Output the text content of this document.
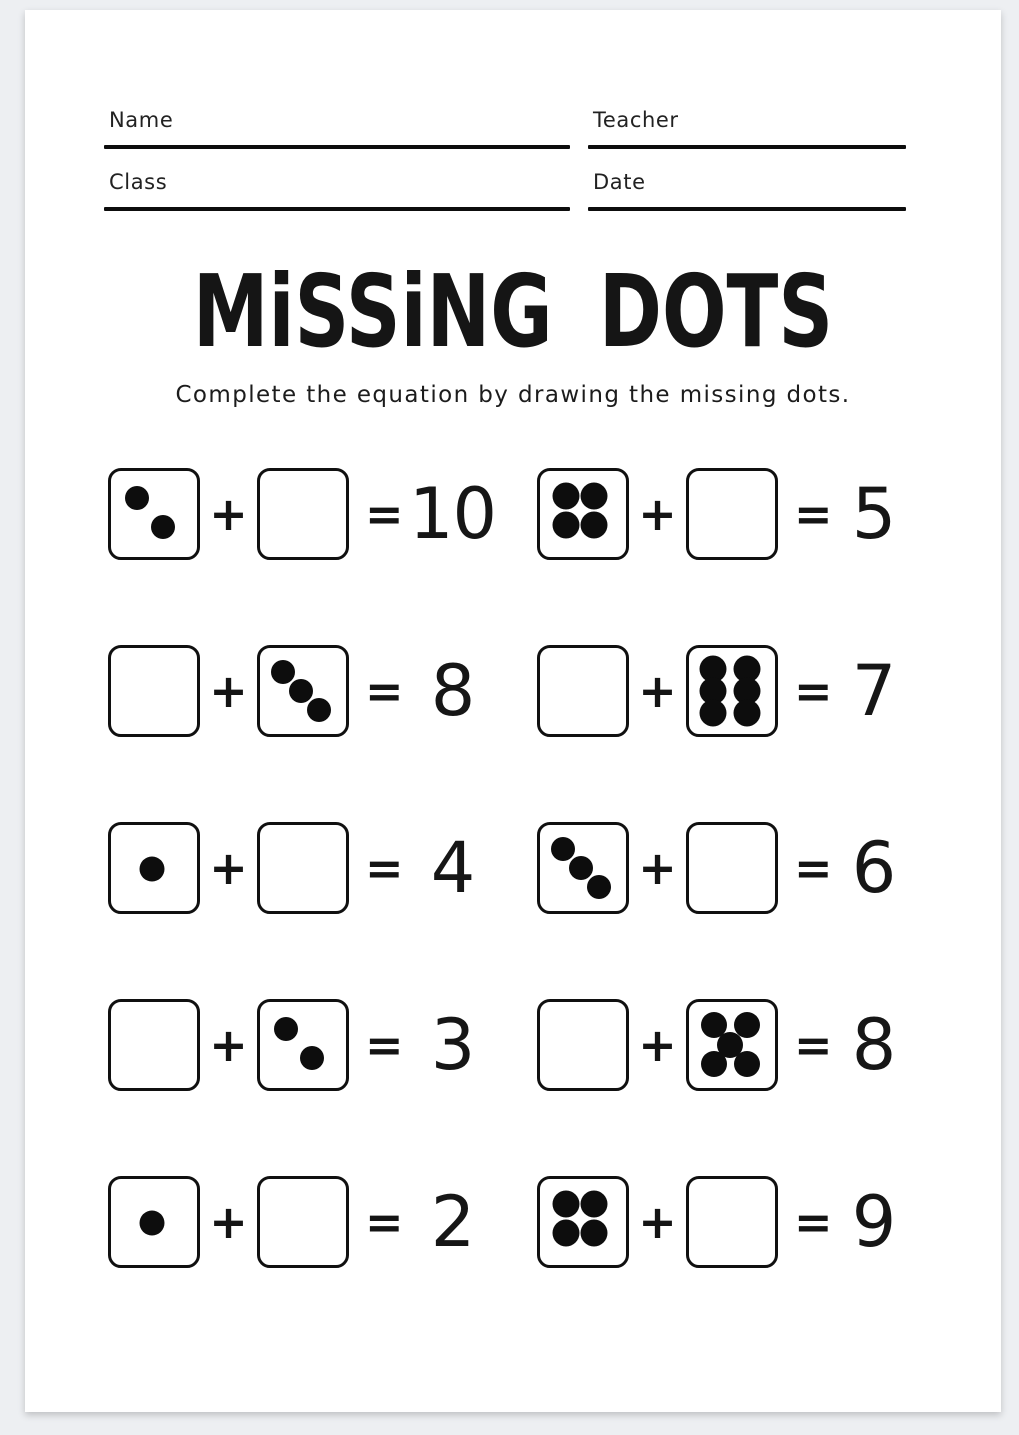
Name	Teacher
Class	Date
MiSSiNG DOTS
Complete the equation by drawing the missing dots.
+	= 10	+	= 5
+	= 8	+	= 7
+	= 4	+	= 6
+	= 3	+	= 8
+	= 2	+	= 9
